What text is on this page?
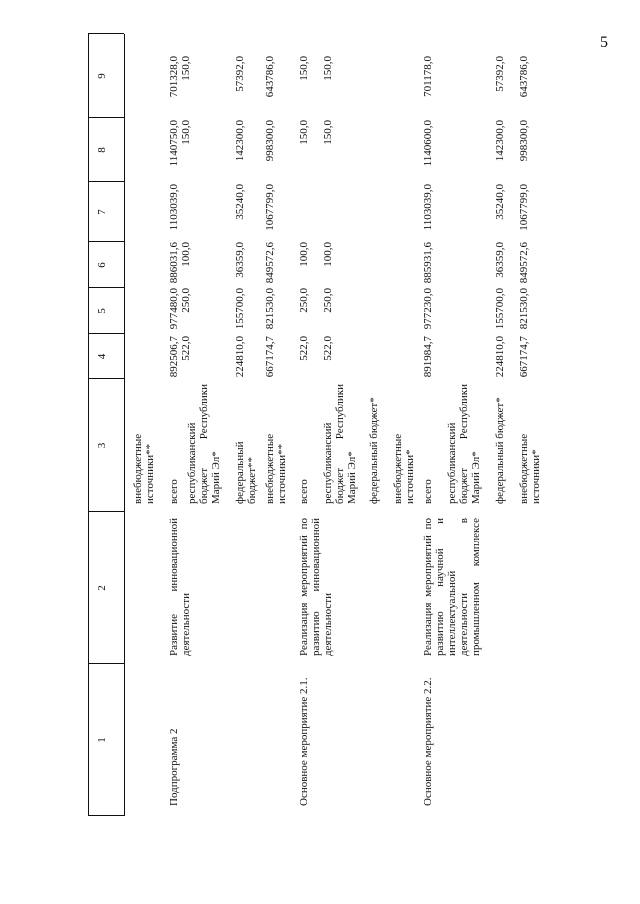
5
1
2
3
4
5
6
7
8
9
внебюджетные источники**
Подпрограмма 2
Развитие инновационной деятельности
всего
892506,7
977480,0
886031,6
1103039,0
1140750,0
701328,0
республиканский бюджет Республики Марий Эл*
522,0
250,0
100,0
150,0
150,0
федеральный бюджет**
224810,0
155700,0
36359,0
35240,0
142300,0
57392,0
внебюджетные источники**
667174,7
821530,0
849572,6
1067799,0
998300,0
643786,0
Основное мероприятие 2.1.
Реализация мероприятий по развитию инновационной деятельности
всего
522,0
250,0
100,0
150,0
150,0
республиканский бюджет Республики Марий Эл*
522,0
250,0
100,0
150,0
150,0
федеральный бюджет* внебюджетные источники*
Основное мероприятие 2.2.
Реализация мероприятий по развитию научной и интеллектуальной деятельности в промышленном комплексе
всего
891984,7
977230,0
885931,6
1103039,0
1140600,0
701178,0
республиканский бюджет Республики Марий Эл* федеральный бюджет*
224810,0
155700,0
36359,0
35240,0
142300,0
57392,0
внебюджетные источники*
667174,7
821530,0
849572,6
1067799,0
998300,0
643786,0
